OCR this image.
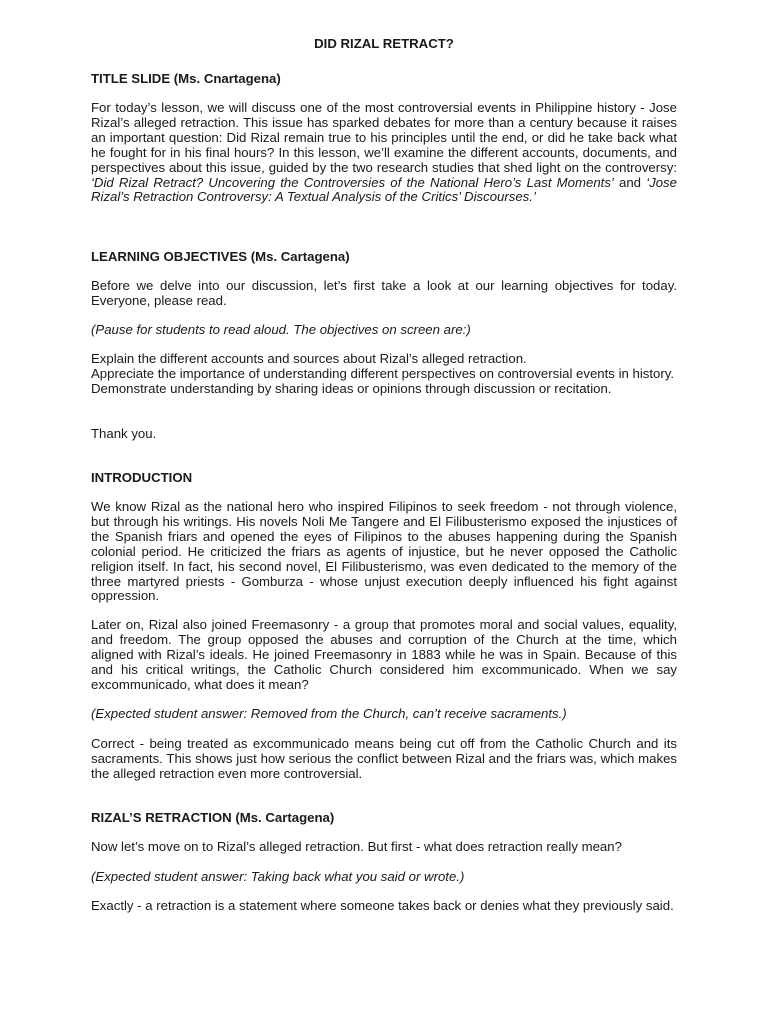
DID RIZAL RETRACT?
TITLE SLIDE (Ms. Cnartagena)

For today’s lesson, we will discuss one of the most controversial events in Philippine history - Jose Rizal’s alleged retraction. This issue has sparked debates for more than a century because it raises an important question: Did Rizal remain true to his principles until the end, or did he take back what he fought for in his final hours? In this lesson, we’ll examine the different accounts, documents, and perspectives about this issue, guided by the two research studies that shed light on the controversy: ‘Did Rizal Retract? Uncovering the Controversies of the National Hero’s Last Moments’ and ‘Jose Rizal’s Retraction Controversy: A Textual Analysis of the Critics’ Discourses.’

LEARNING OBJECTIVES (Ms. Cartagena)

Before we delve into our discussion, let’s first take a look at our learning objectives for today. Everyone, please read.

(Pause for students to read aloud. The objectives on screen are:)

Explain the different accounts and sources about Rizal’s alleged retraction.
Appreciate the importance of understanding different perspectives on controversial events in history.
Demonstrate understanding by sharing ideas or opinions through discussion or recitation.

Thank you.

INTRODUCTION

We know Rizal as the national hero who inspired Filipinos to seek freedom - not through violence, but through his writings. His novels Noli Me Tangere and El Filibusterismo exposed the injustices of the Spanish friars and opened the eyes of Filipinos to the abuses happening during the Spanish colonial period. He criticized the friars as agents of injustice, but he never opposed the Catholic religion itself. In fact, his second novel, El Filibusterismo, was even dedicated to the memory of the three martyred priests - Gomburza - whose unjust execution deeply influenced his fight against oppression.

Later on, Rizal also joined Freemasonry - a group that promotes moral and social values, equality, and freedom. The group opposed the abuses and corruption of the Church at the time, which aligned with Rizal’s ideals. He joined Freemasonry in 1883 while he was in Spain. Because of this and his critical writings, the Catholic Church considered him excommunicado. When we say excommunicado, what does it mean?

(Expected student answer: Removed from the Church, can’t receive sacraments.)

Correct - being treated as excommunicado means being cut off from the Catholic Church and its sacraments. This shows just how serious the conflict between Rizal and the friars was, which makes the alleged retraction even more controversial.

RIZAL’S RETRACTION (Ms. Cartagena)

Now let’s move on to Rizal’s alleged retraction. But first - what does retraction really mean?

(Expected student answer: Taking back what you said or wrote.)

Exactly - a retraction is a statement where someone takes back or denies what they previously said.
